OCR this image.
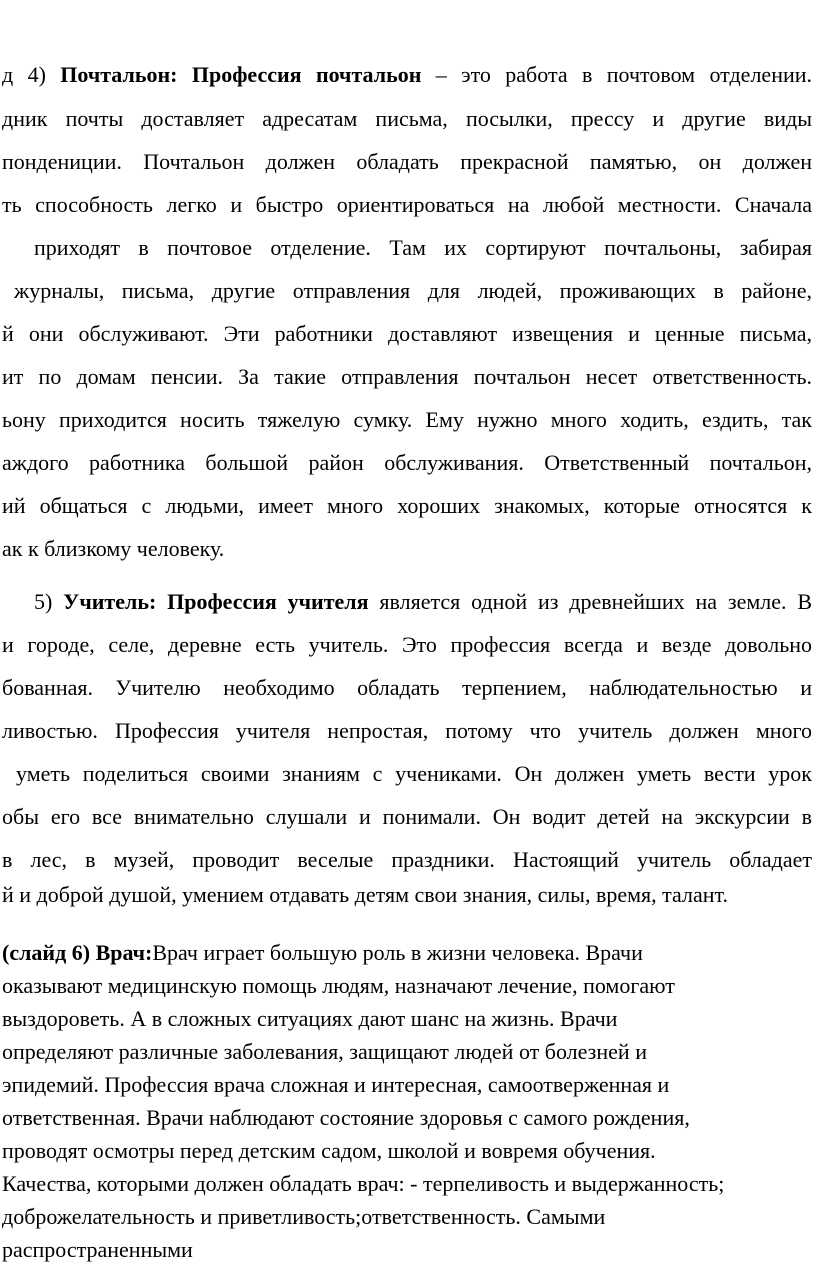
д 4) Почтальон: Профессия почтальон – это работа в почтовом отделении.
дник почты доставляет адресатам письма, посылки, прессу и другие виды
пондениции. Почтальон должен обладать прекрасной памятью, он должен
ть способность легко и быстро ориентироваться на любой местности. Сначала
приходят в почтовое отделение. Там их сортируют почтальоны, забирая
журналы, письма, другие отправления для людей, проживающих в районе,
й они обслуживают. Эти работники доставляют извещения и ценные письма,
ит по домам пенсии. За такие отправления почтальон несет ответственность.
ьону приходится носить тяжелую сумку. Ему нужно много ходить, ездить, так
аждого работника большой район обслуживания. Ответственный почтальон,
ий общаться с людьми, имеет много хороших знакомых, которые относятся к
ак к близкому человеку.
5) Учитель: Профессия учителя является одной из древнейших на земле. В
и городе, селе, деревне есть учитель. Это профессия всегда и везде довольно
бованная. Учителю необходимо обладать терпением, наблюдательностью и
ливостью. Профессия учителя непростая, потому что учитель должен много
уметь поделиться своими знаниям с учениками. Он должен уметь вести урок
обы его все внимательно слушали и понимали. Он водит детей на экскурсии в
в лес, в музей, проводит веселые праздники. Настоящий учитель обладает
й и доброй душой, умением отдавать детям свои знания, силы, время, талант.
(слайд 6) Врач:Врач играет большую роль в жизни человека. Врачи
оказывают медицинскую помощь людям, назначают лечение, помогают
выздороветь. А в сложных ситуациях дают шанс на жизнь. Врачи
определяют различные заболевания, защищают людей от болезней и
эпидемий. Профессия врача сложная и интересная, самоотверженная и
ответственная. Врачи наблюдают состояние здоровья с самого рождения,
проводят осмотры перед детским садом, школой и вовремя обучения.
Качества, которыми должен обладать врач: - терпеливость и выдержанность;
доброжелательность и приветливость;ответственность. Самыми
распространенными
